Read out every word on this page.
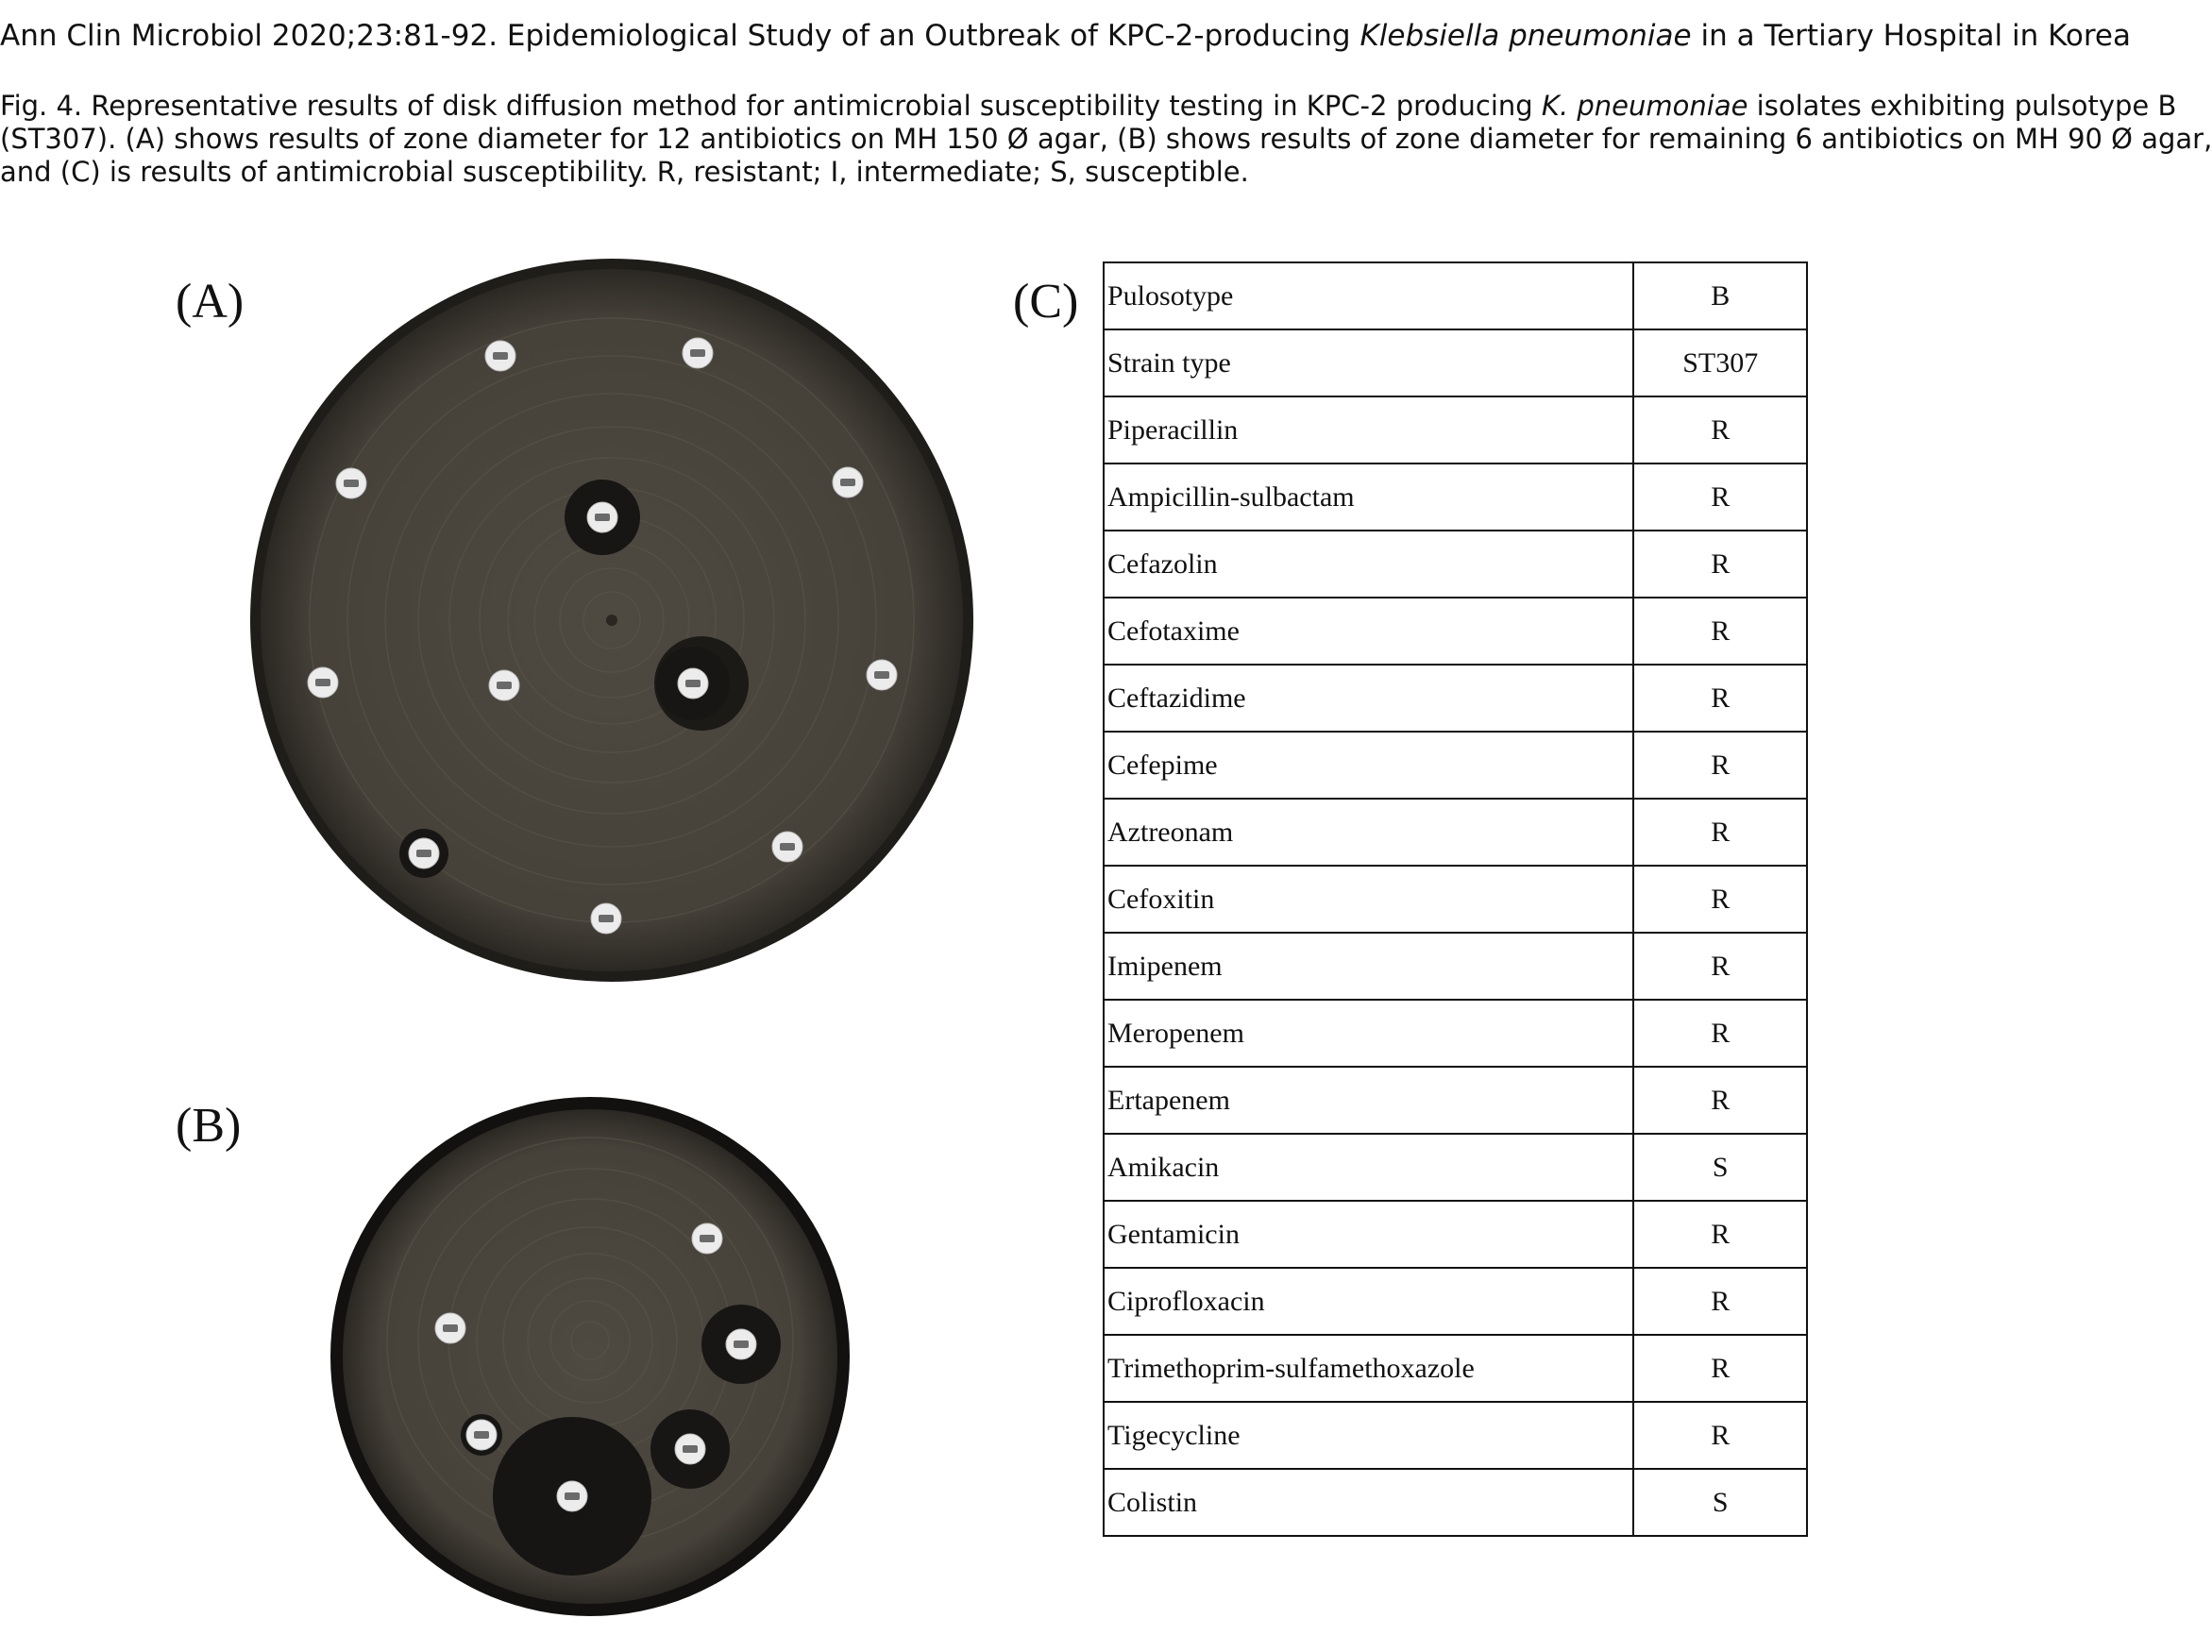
Ann Clin Microbiol 2020;23:81-92. Epidemiological Study of an Outbreak of KPC-2-producing Klebsiella pneumoniae in a Tertiary Hospital in Korea
Fig. 4. Representative results of disk diffusion method for antimicrobial susceptibility testing in KPC-2 producing K. pneumoniae isolates exhibiting pulsotype B
(ST307). (A) shows results of zone diameter for 12 antibiotics on MH 150 Ø agar, (B) shows results of zone diameter for remaining 6 antibiotics on MH 90 Ø agar,
and (C) is results of antimicrobial susceptibility. R, resistant; I, intermediate; S, susceptible.
(A)
(B)
(C) Pulosotype	B
Strain type	ST307
Piperacillin	R
Ampicillin-sulbactam	R
Cefazolin	R
Cefotaxime	R
Ceftazidime	R
Cefepime	R
Aztreonam	R
Cefoxitin	R
Imipenem	R
Meropenem	R
Ertapenem	R
Amikacin	S
Gentamicin	R
Ciprofloxacin	R
Trimethoprim-sulfamethoxazole	R
Tigecycline	R
Colistin	S
